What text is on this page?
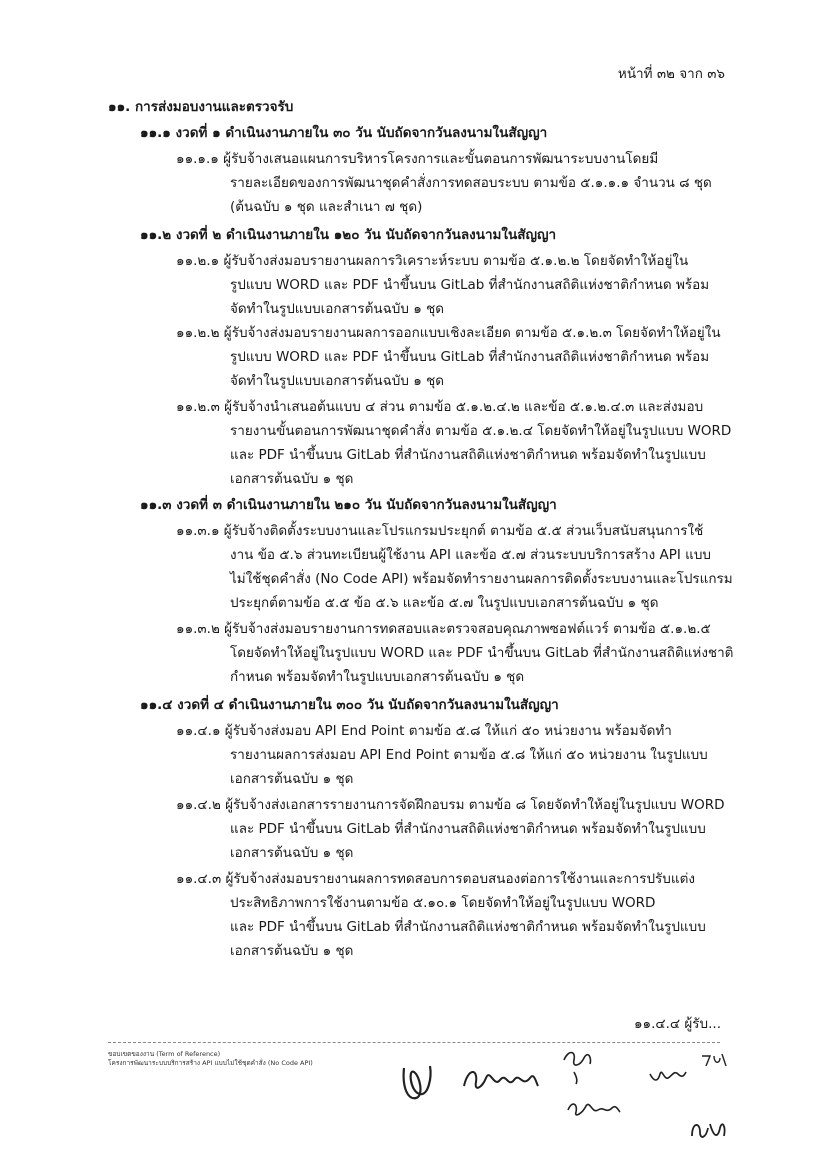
หน้าที่ ๓๒ จาก ๓๖
๑๑. การส่งมอบงานและตรวจรับ
๑๑.๑ งวดที่ ๑ ดำเนินงานภายใน ๓๐ วัน นับถัดจากวันลงนามในสัญญา
๑๑.๑.๑ ผู้รับจ้างเสนอแผนการบริหารโครงการและขั้นตอนการพัฒนาระบบงานโดยมี
รายละเอียดของการพัฒนาชุดคำสั่งการทดสอบระบบ ตามข้อ ๕.๑.๑.๑ จำนวน ๘ ชุด
(ต้นฉบับ ๑ ชุด และสำเนา ๗ ชุด)
๑๑.๒ งวดที่ ๒ ดำเนินงานภายใน ๑๒๐ วัน นับถัดจากวันลงนามในสัญญา
๑๑.๒.๑ ผู้รับจ้างส่งมอบรายงานผลการวิเคราะห์ระบบ ตามข้อ ๕.๑.๒.๒ โดยจัดทำให้อยู่ใน
รูปแบบ WORD และ PDF นำขึ้นบน GitLab ที่สำนักงานสถิติแห่งชาติกำหนด พร้อม
จัดทำในรูปแบบเอกสารต้นฉบับ ๑ ชุด
๑๑.๒.๒ ผู้รับจ้างส่งมอบรายงานผลการออกแบบเชิงละเอียด ตามข้อ ๕.๑.๒.๓ โดยจัดทำให้อยู่ใน
รูปแบบ WORD และ PDF นำขึ้นบน GitLab ที่สำนักงานสถิติแห่งชาติกำหนด พร้อม
จัดทำในรูปแบบเอกสารต้นฉบับ ๑ ชุด
๑๑.๒.๓ ผู้รับจ้างนำเสนอต้นแบบ ๔ ส่วน ตามข้อ ๕.๑.๒.๔.๒ และข้อ ๕.๑.๒.๔.๓ และส่งมอบ
รายงานขั้นตอนการพัฒนาชุดคำสั่ง ตามข้อ ๕.๑.๒.๔ โดยจัดทำให้อยู่ในรูปแบบ WORD
และ PDF นำขึ้นบน GitLab ที่สำนักงานสถิติแห่งชาติกำหนด พร้อมจัดทำในรูปแบบ
เอกสารต้นฉบับ ๑ ชุด
๑๑.๓ งวดที่ ๓ ดำเนินงานภายใน ๒๑๐ วัน นับถัดจากวันลงนามในสัญญา
๑๑.๓.๑ ผู้รับจ้างติดตั้งระบบงานและโปรแกรมประยุกต์ ตามข้อ ๕.๕ ส่วนเว็บสนับสนุนการใช้
งาน ข้อ ๕.๖ ส่วนทะเบียนผู้ใช้งาน API และข้อ ๕.๗ ส่วนระบบบริการสร้าง API แบบ
ไม่ใช้ชุดคำสั่ง (No Code API) พร้อมจัดทำรายงานผลการติดตั้งระบบงานและโปรแกรม
ประยุกต์ตามข้อ ๕.๕ ข้อ ๕.๖ และข้อ ๕.๗ ในรูปแบบเอกสารต้นฉบับ ๑ ชุด
๑๑.๓.๒ ผู้รับจ้างส่งมอบรายงานการทดสอบและตรวจสอบคุณภาพซอฟต์แวร์ ตามข้อ ๕.๑.๒.๕
โดยจัดทำให้อยู่ในรูปแบบ WORD และ PDF นำขึ้นบน GitLab ที่สำนักงานสถิติแห่งชาติ
กำหนด พร้อมจัดทำในรูปแบบเอกสารต้นฉบับ ๑ ชุด
๑๑.๔ งวดที่ ๔ ดำเนินงานภายใน ๓๐๐ วัน นับถัดจากวันลงนามในสัญญา
๑๑.๔.๑ ผู้รับจ้างส่งมอบ API End Point ตามข้อ ๕.๘ ให้แก่ ๕๐ หน่วยงาน พร้อมจัดทำ
รายงานผลการส่งมอบ API End Point ตามข้อ ๕.๘ ให้แก่ ๕๐ หน่วยงาน ในรูปแบบ
เอกสารต้นฉบับ ๑ ชุด
๑๑.๔.๒ ผู้รับจ้างส่งเอกสารรายงานการจัดฝึกอบรม ตามข้อ ๘ โดยจัดทำให้อยู่ในรูปแบบ WORD
และ PDF นำขึ้นบน GitLab ที่สำนักงานสถิติแห่งชาติกำหนด พร้อมจัดทำในรูปแบบ
เอกสารต้นฉบับ ๑ ชุด
๑๑.๔.๓ ผู้รับจ้างส่งมอบรายงานผลการทดสอบการตอบสนองต่อการใช้งานและการปรับแต่ง
ประสิทธิภาพการใช้งานตามข้อ ๕.๑๐.๑ โดยจัดทำให้อยู่ในรูปแบบ WORD
และ PDF นำขึ้นบน GitLab ที่สำนักงานสถิติแห่งชาติกำหนด พร้อมจัดทำในรูปแบบ
เอกสารต้นฉบับ ๑ ชุด
๑๑.๔.๔ ผู้รับ...
ขอบเขตของงาน (Term of Reference)
โครงการพัฒนาระบบบริการสร้าง API แบบไม่ใช้ชุดคำสั่ง (No Code API)
